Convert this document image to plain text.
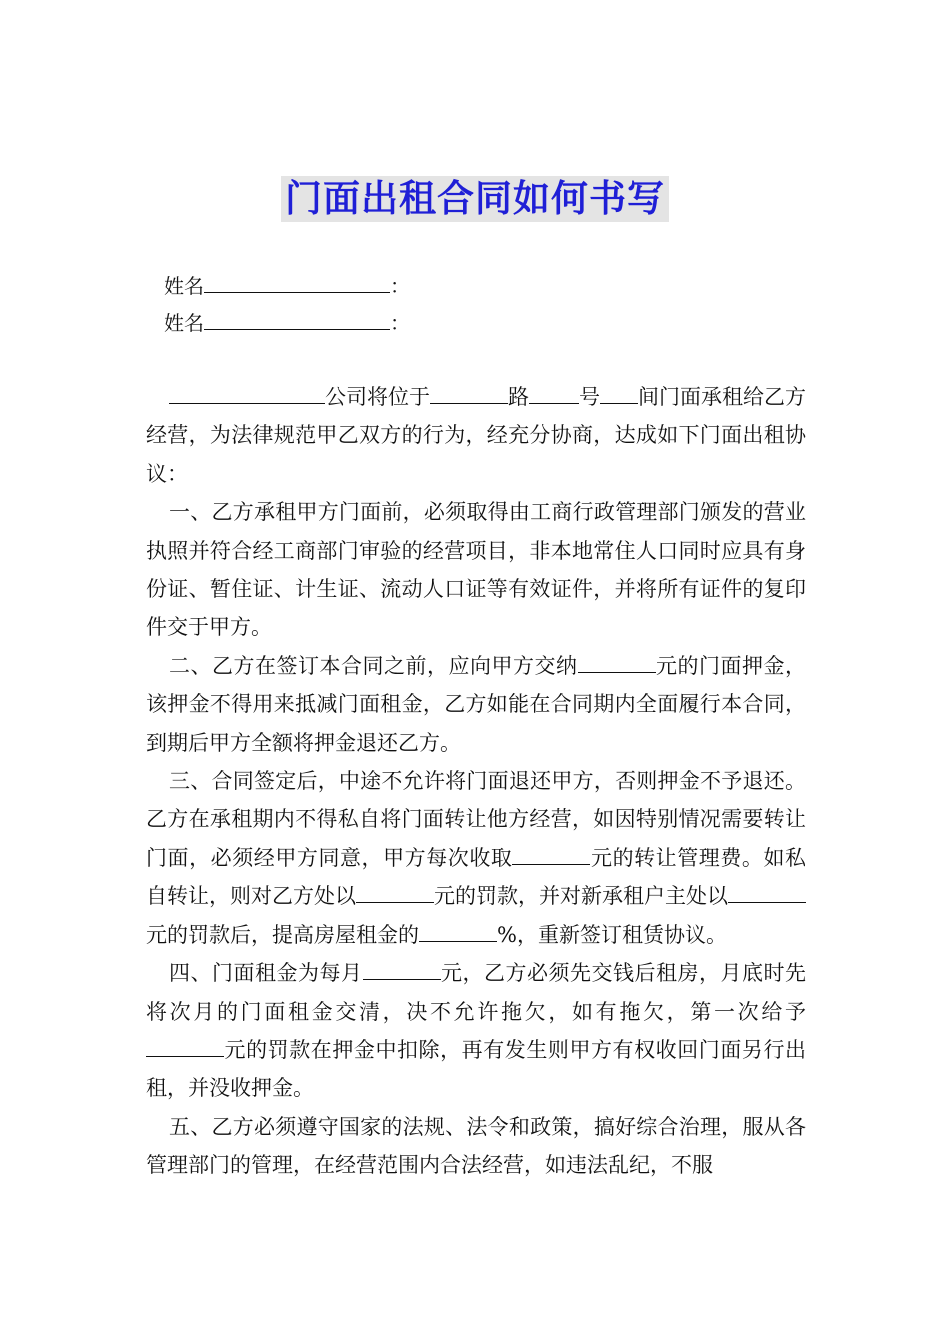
门面出租合同如何书写
姓名	：
姓名	：

公司将位于	路 号 间门面承租给乙方经营，为法律规范甲乙双方的行为，经充分协商，达成如下门面出租协议：

一、乙方承租甲方门面前，必须取得由工商行政管理部门颁发的营业执照并符合经工商部门审验的经营项目，非本地常住人口同时应具有身份证、暂住证、计生证、流动人口证等有效证件，并将所有证件的复印件交于甲方。

二、乙方在签订本合同之前，应向甲方交纳	元的门面押金，该押金不得用来抵减门面租金，乙方如能在合同期内全面履行本合同，到期后甲方全额将押金退还乙方。

三、合同签定后，中途不允许将门面退还甲方，否则押金不予退还。乙方在承租期内不得私自将门面转让他方经营，如因特别情况需要转让门面，必须经甲方同意，甲方每次收取	元的转让管理费。如私自转让，则对乙方处以	元的罚款，并对新承租户主处以元的罚款后，提高房屋租金的	%，重新签订租赁协议。

四、门面租金为每月	元，乙方必须先交钱后租房，月底时先将次月的门面租金交清，决不允许拖欠，如有拖欠，第一次给予元的罚款在押金中扣除，再有发生则甲方有权收回门面另行出租，并没收押金。

五、乙方必须遵守国家的法规、法令和政策，搞好综合治理，服从各管理部门的管理，在经营范围内合法经营，如违法乱纪，不服
